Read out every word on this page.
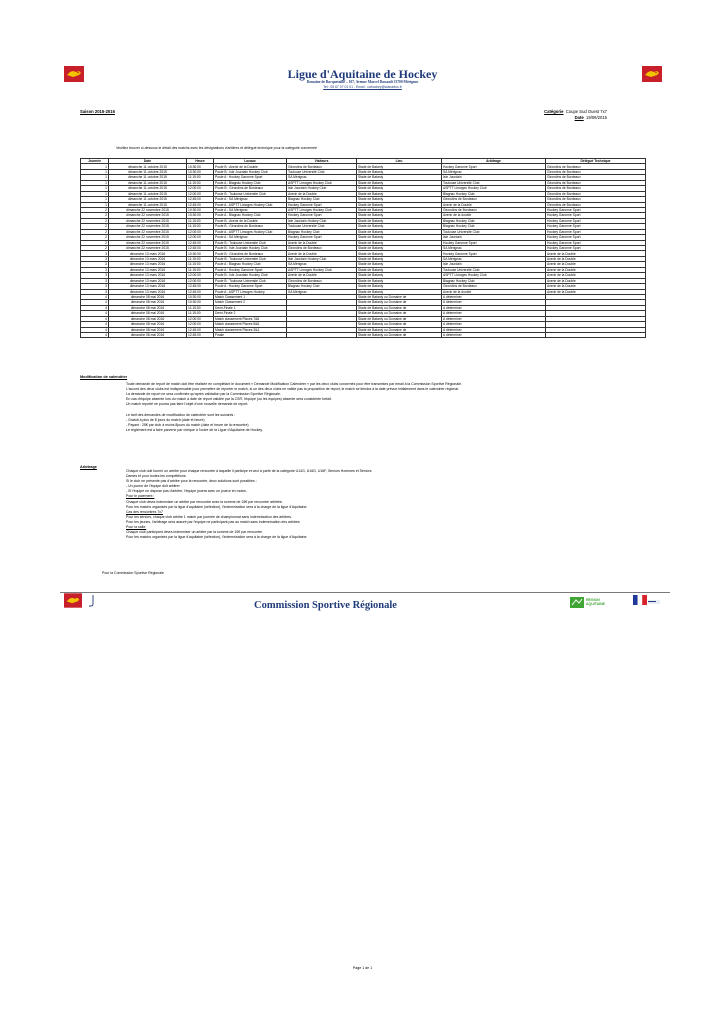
Ligue d'Aquitaine de Hockey
Domaine de Rocquetaille – 107, Avenue Marcel Dassault 33700 Mérignac
Tel : 05 67 07 01 01 - Email : cahockey@wanadoo.fr
Saison 2015-2016	Catégorie Coupe Sud Ouest 7x7
Date 19/09/2015
Veuillez trouver ci-dessous le détail des matchs avec les désignations d'arbitres et délégué technique pour la catégorie concernée
Journée	Date	Heure	Locaux	Visiteurs	Lieu	Arbitrage	Délégué Technique
1	dimanche 11 octobre 2015	10:30:00	Poule B : Avenir de la Double	Girondins de Bordeaux	Stade de Bataniy	Hockey Garonne Sport	Girondins de Bordeaux
1	dimanche 11 octobre 2015	10:30:00	Poule B : Isle Jourdain Hockey Club	Toulouse Université Club	Stade de Bataniy	SA Mérignac	Girondins de Bordeaux
1	dimanche 11 octobre 2015	11:15:00	Poule A : Hockey Garonne Sport	SA Mérignac	Stade de Bataniy	Isle Jourdain	Girondins de Bordeaux
1	dimanche 11 octobre 2015	11:15:00	Poule A : Blagnac Hockey Club	ASPTT Limoges Hockey Club	Stade de Bataniy	Toulouse Université Club	Girondins de Bordeaux
1	dimanche 11 octobre 2015	12:00:00	Poule B : Girondins de Bordeaux	Isle Jourdain Hockey Club	Stade de Bataniy	ASPTT Limoges Hockey Club	Girondins de Bordeaux
1	dimanche 11 octobre 2015	12:00:00	Poule B : Toulouse Université Club	Avenir de la Double	Stade de Bataniy	Blagnac Hockey Club	Girondins de Bordeaux
1	dimanche 11 octobre 2015	12:45:00	Poule A : SA Mérignac	Blagnac Hockey Club	Stade de Bataniy	Girondins de Bordeaux	Girondins de Bordeaux
1	dimanche 11 octobre 2015	12:45:00	Poule A : ASPTT Limoges Hockey Club	Hockey Garonne Sport	Stade de Bataniy	Avenir de la Double	Girondins de Bordeaux
2	dimanche 22 novembre 2015	10:30:00	Poule A : SA Mérignac	ASPTT Limoges Hockey Club	Stade de Bataniy	Girondins de Bordeaux	Hockey Garonne Sport
2	dimanche 22 novembre 2015	10:30:00	Poule A : Blagnac Hockey Club	Hockey Garonne Sport	Stade de Bataniy	Avenir de la double	Hockey Garonne Sport
2	dimanche 22 novembre 2015	11:15:00	Poule B : Avenir de la Double	Isle Jourdain Hockey Club	Stade de Bataniy	Blagnac Hockey Club	Hockey Garonne Sport
2	dimanche 22 novembre 2015	11:15:00	Poule B : Girondins de Bordeaux	Toulouse Université Club	Stade de Bataniy	Blagnac Hockey Club	Hockey Garonne Sport
2	dimanche 22 novembre 2015	12:00:00	Poule A : ASPTT Limoges Hockey Club	Blagnac Hockey Club	Stade de Bataniy	Toulouse Université Club	Hockey Garonne Sport
2	dimanche 22 novembre 2015	12:00:00	Poule A : SA Mérignac	Hockey Garonne Sport	Stade de Bataniy	Isle Jourdain	Hockey Garonne Sport
2	dimanche 22 novembre 2015	12:45:00	Poule B : Toulouse Université Club	Avenir de la Double	Stade de Bataniy	Hockey Garonne Sport	Hockey Garonne Sport
2	dimanche 22 novembre 2015	12:45:00	Poule B : Isle Jourdain Hockey Club	Girondins de Bordeaux	Stade de Bataniy	SA Mérignac	Hockey Garonne Sport
3	dimanche 13 mars 2016	10:30:00	Poule B : Girondins de Bordeaux	Avenir de la Double	Stade de Bataniy	Hockey Garonne Sport	Avenir de la Double
3	dimanche 13 mars 2016	11:15:00	Poule B : Toulouse Université Club	Isle Jourdain Hockey Club	Stade de Bataniy	SA Mérignac	Avenir de la Double
3	dimanche 13 mars 2016	11:15:00	Poule A : Blagnac Hockey Club	SA Mérignac	Stade de Bataniy	Isle Jourdain	Avenir de la Double
3	dimanche 13 mars 2016	11:15:00	Poule A : Hockey Garonne Sport	ASPTT Limoges Hockey Club	Stade de Bataniy	Toulouse Université Club	Avenir de la Double
3	dimanche 13 mars 2016	12:00:00	Poule B : Isle Jourdain Hockey Club	Avenir de la Double	Stade de Bataniy	ASPTT Limoges Hockey Club	Avenir de la Double
3	dimanche 13 mars 2016	12:00:00	Poule B : Toulouse Université Club	Girondins de Bordeaux	Stade de Bataniy	Blagnac Hockey Club	Avenir de la Double
3	dimanche 13 mars 2016	12:45:00	Poule A : Hockey Garonne Sport	Blagnac Hockey Club	Stade de Bataniy	Girondins de Bordeaux	Avenir de la Double
3	dimanche 13 mars 2016	12:45:00	Poule A : ASPTT Limoges Hockey	SA Mérignac	Stade de Bataniy	Avenir de la double	Avenir de la Double
4	dimanche 08 mai 2016	10:30:00	Match Classement 1		Stade de Bataniy ou Domaine de	A déterminer	
4	dimanche 08 mai 2016	10:30:00	Match Classement 2		Stade de Bataniy ou Domaine de	A déterminer	
4	dimanche 08 mai 2016	11:15:00	Demi-Finale 1		Stade de Bataniy ou Domaine de	A déterminer	
4	dimanche 08 mai 2016	11:15:00	Demi-Finale 2		Stade de Bataniy ou Domaine de	A déterminer	
4	dimanche 08 mai 2016	12:00:00	Match classement Places 7&8		Stade de Bataniy ou Domaine de	A déterminer	
4	dimanche 08 mai 2016	12:00:00	Match classement Places 5&6		Stade de Bataniy ou Domaine de	A déterminer	
4	dimanche 08 mai 2016	12:45:00	Match classement Places 3&4		Stade de Bataniy ou Domaine de	A déterminer	
4	dimanche 08 mai 2016	12:45:00	Finale		Stade de Bataniy ou Domaine de	A déterminer	
Modification de calendrier
Toute demande de report de match doit être réalisée en complétant le document « Demande Modification Calendrier » par les deux clubs concernés pour être transmises par email à la Commission Sportive Régionale.
L'accord des deux clubs est indispensable pour permettre de reporter le match, si un des deux clubs ne valide pas la proposition de report, le match se tiendra à la date prévue initialement dans le calendrier régional.
La demande de report ne sera confirmée qu'après validation par la Commission Sportive Régionale.
En cas d'équipe absente lors du match à date de report validée par la CSR, l'équipe (ou les équipes) absente sera considérée forfait.
Un match reporté ne pourra pas faire l'objet d'une nouvelle demande de report.

Le tarif des demandes de modification de calendrier sont les suivants :
- Gratuit à plus de 8 jours du match (date et heure)
- Payant : 25€ par club à moins 8jours du match (date et heure de la rencontre)
Le règlement est à faire parvenir par chèque à l'ordre de la Ligue d'Aquitaine de Hockey.
Arbitrage
Chaque club doit fournir un arbitre pour chaque rencontre à laquelle il participe et ceci à partir de la catégorie U14G, U16G, U16F, Séniors Hommes et Séniors
Dames et pour toutes les compétitions.
Si le club ne présente pas d'arbitre pour la rencontre, deux solutions sont possibles :
- Un joueur de l'équipe doit arbitrer
- Si l'équipe ne dispose pas d'arbitre, l'équipe jouera avec un joueur en moins.
Pour le paiement :
Chaque club devra indemniser un arbitre par rencontre avec la somme de 15€ par rencontre arbitrée.
Pour les matchs organisés par la ligue d'aquitaine (sélection), l'indemnisation sera à la charge de la ligue d'Aquitaine.
Cas des rencontres 7x7
Pour les séniors, chaque club arbitre 1 match par journée de championnat sans indemnisation des arbitres.
Pour les jeunes, l'arbitrage sera assuré par l'équipe ne participant pas au match sans indemnisation des arbitres
Pour la salle:
Chaque club participant devra indemniser un arbitre par la somme de 10€ par rencontre.
Pour les matchs organisés par la ligue d'aquitaine (sélection), l'indemnisation sera à la charge de la ligue d'Aquitaine.
Pour la Commission Sportive Régionale
Commission Sportive Régionale	RÉGION
AQUITAINE
Page 1 de 1
